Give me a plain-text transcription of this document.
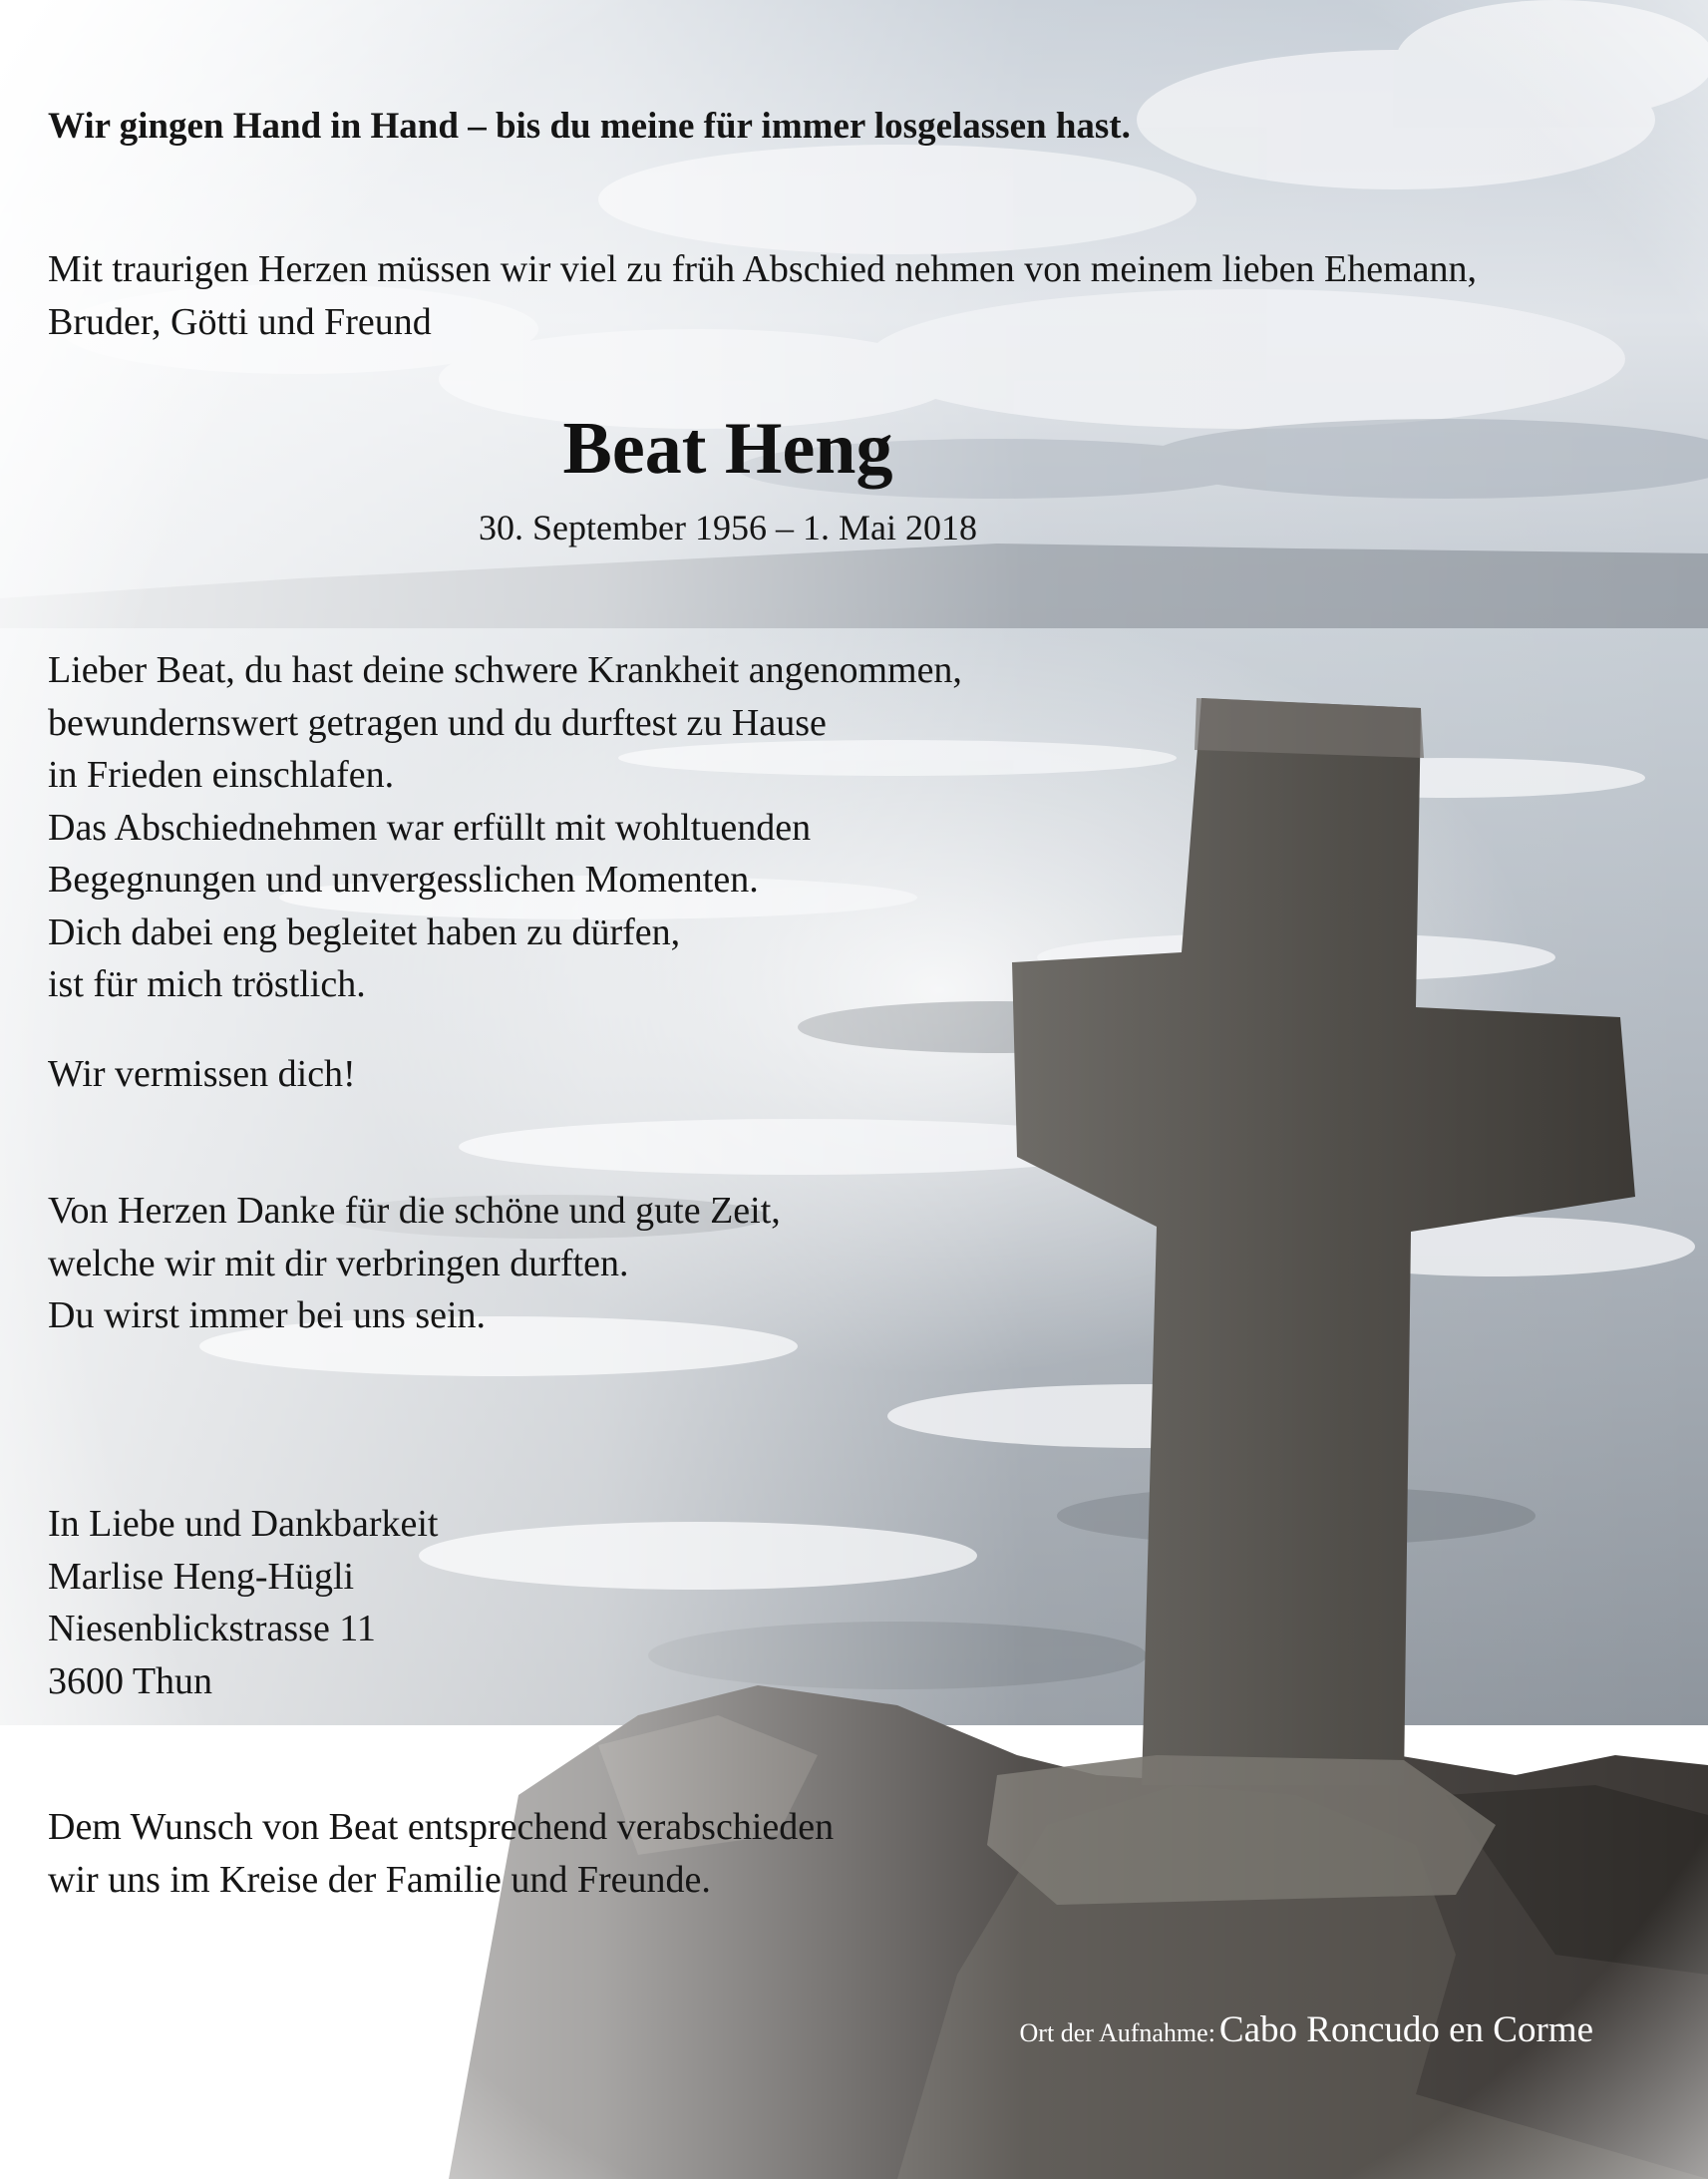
Wir gingen Hand in Hand – bis du meine für immer losgelassen hast.

Mit traurigen Herzen müssen wir viel zu früh Abschied nehmen von meinem lieben Ehemann,
Bruder, Götti und Freund

Beat Heng

30. September 1956 – 1. Mai 2018

Lieber Beat, du hast deine schwere Krankheit angenommen,
bewundernswert getragen und du durftest zu Hause
in Frieden einschlafen.
Das Abschiednehmen war erfüllt mit wohltuenden
Begegnungen und unvergesslichen Momenten.
Dich dabei eng begleitet haben zu dürfen,
ist für mich tröstlich.

Wir vermissen dich!

Von Herzen Danke für die schöne und gute Zeit,
welche wir mit dir verbringen durften.
Du wirst immer bei uns sein.

In Liebe und Dankbarkeit
Marlise Heng-Hügli
Niesenblickstrasse 11
3600 Thun

Dem Wunsch von Beat entsprechend verabschieden
wir uns im Kreise der Familie und Freunde.

Ort der Aufnahme: Cabo Roncudo en Corme
